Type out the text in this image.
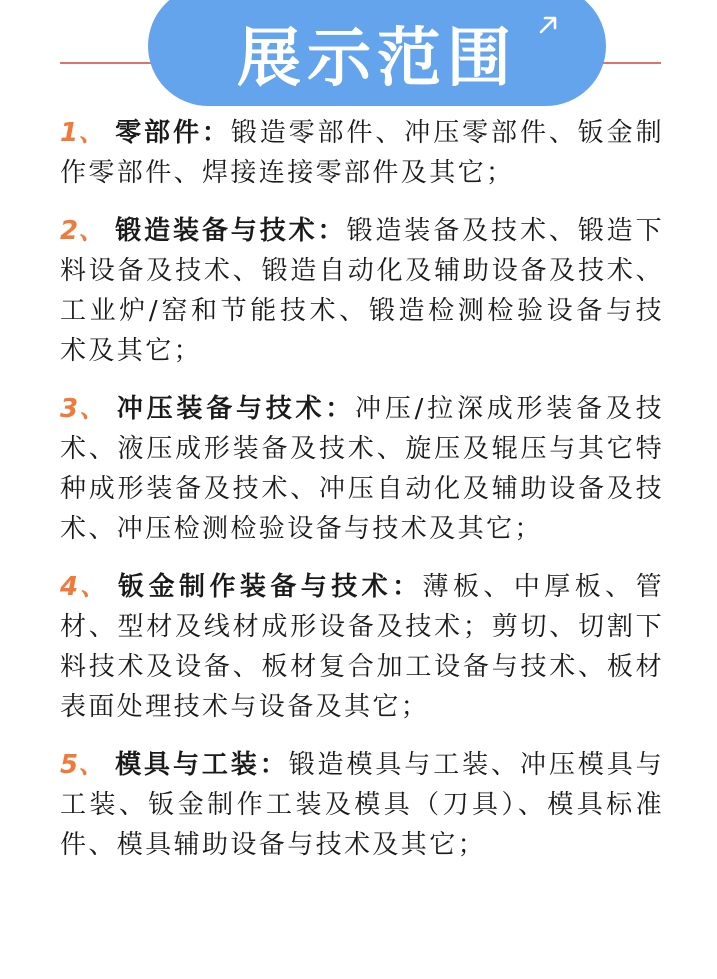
展示范围

1、 零部件：锻造零部件、冲压零部件、钣金制作零部件、焊接连接零部件及其它；

2、 锻造装备与技术：锻造装备及技术、锻造下料设备及技术、锻造自动化及辅助设备及技术、工业炉/窑和节能技术、锻造检测检验设备与技术及其它；

3、 冲压装备与技术：冲压/拉深成形装备及技术、液压成形装备及技术、旋压及辊压与其它特种成形装备及技术、冲压自动化及辅助设备及技术、冲压检测检验设备与技术及其它；

4、 钣金制作装备与技术：薄板、中厚板、管材、型材及线材成形设备及技术；剪切、切割下料技术及设备、板材复合加工设备与技术、板材表面处理技术与设备及其它；

5、 模具与工装：锻造模具与工装、冲压模具与工装、钣金制作工装及模具（刀具）、模具标准件、模具辅助设备与技术及其它；
